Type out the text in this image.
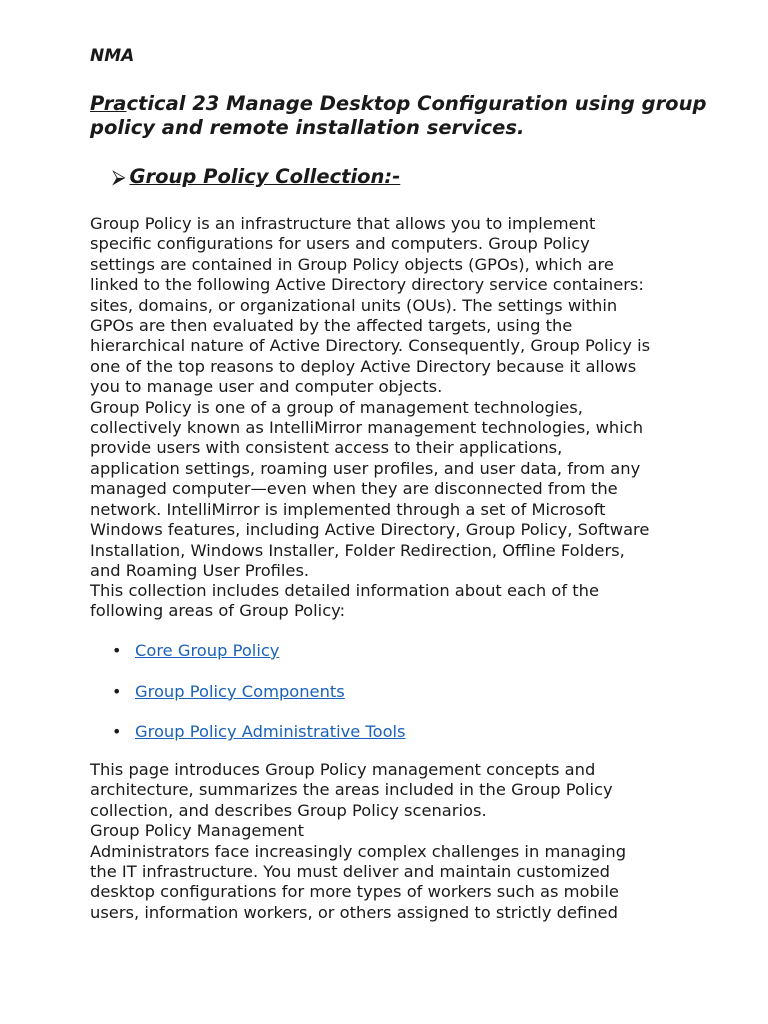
NMA

Practical 23 Manage Desktop Configuration using group policy and remote installation services.
⮚ Group Policy Collection:-

Group Policy is an infrastructure that allows you to implement
specific configurations for users and computers. Group Policy
settings are contained in Group Policy objects (GPOs), which are
linked to the following Active Directory directory service containers:
sites, domains, or organizational units (OUs). The settings within
GPOs are then evaluated by the affected targets, using the
hierarchical nature of Active Directory. Consequently, Group Policy is
one of the top reasons to deploy Active Directory because it allows
you to manage user and computer objects.
Group Policy is one of a group of management technologies,
collectively known as IntelliMirror management technologies, which
provide users with consistent access to their applications,
application settings, roaming user profiles, and user data, from any
managed computer—even when they are disconnected from the
network. IntelliMirror is implemented through a set of Microsoft
Windows features, including Active Directory, Group Policy, Software
Installation, Windows Installer, Folder Redirection, Offline Folders,
and Roaming User Profiles.

This collection includes detailed information about each of the
following areas of Group Policy:

• Core Group Policy
• Group Policy Components
• Group Policy Administrative Tools

This page introduces Group Policy management concepts and
architecture, summarizes the areas included in the Group Policy
collection, and describes Group Policy scenarios.
Group Policy Management
Administrators face increasingly complex challenges in managing
the IT infrastructure. You must deliver and maintain customized
desktop configurations for more types of workers such as mobile
users, information workers, or others assigned to strictly defined
